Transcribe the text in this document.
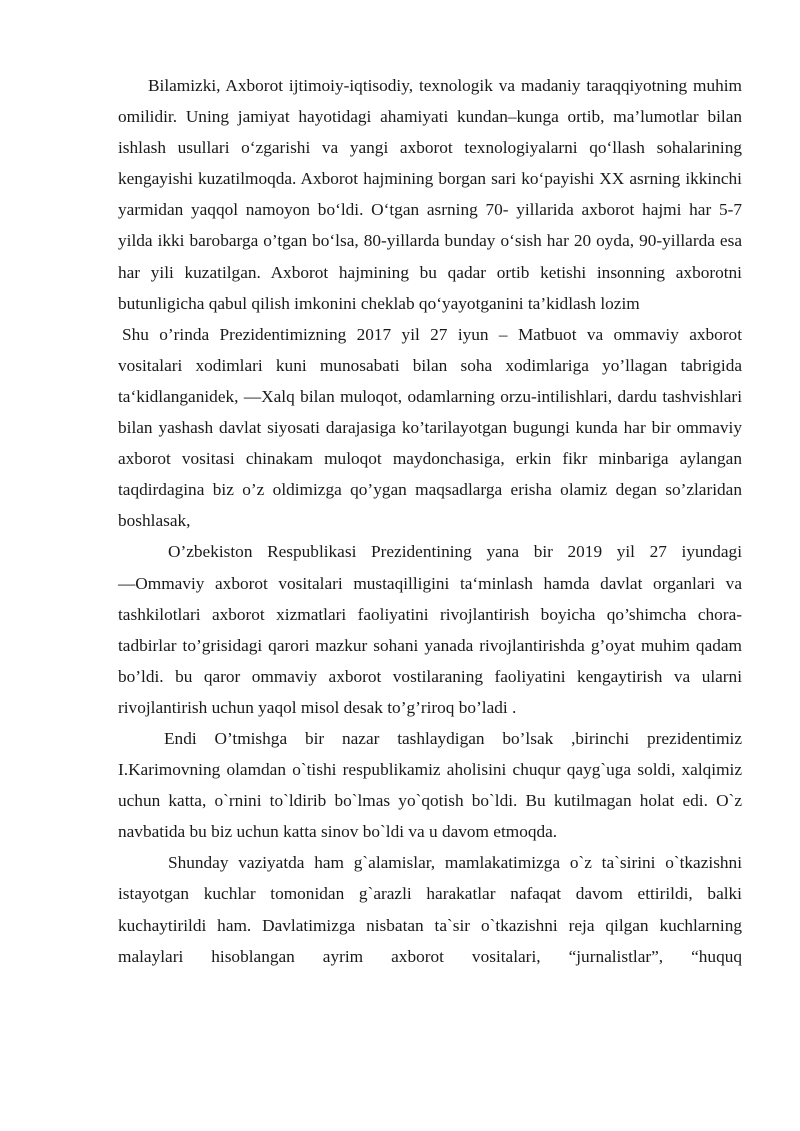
Bilamizki, Axborot ijtimoiy-iqtisodiy, texnologik va madaniy taraqqiyotning muhim omilidir. Uning jamiyat hayotidagi ahamiyati kundan–kunga ortib, ma’lumotlar bilan ishlash usullari o‘zgarishi va yangi axborot texnologiyalarni qo‘llash sohalarining kengayishi kuzatilmoqda. Axborot hajmining borgan sari ko‘payishi XX asrning ikkinchi yarmidan yaqqol namoyon bo‘ldi. O‘tgan asrning 70- yillarida axborot hajmi har 5-7 yilda ikki barobarga o’tgan bo‘lsa, 80-yillarda bunday o‘sish har 20 oyda, 90-yillarda esa har yili kuzatilgan. Axborot hajmining bu qadar ortib ketishi insonning axborotni butunligicha qabul qilish imkonini cheklab qo‘yayotganini ta’kidlash lozim

Shu o’rinda Prezidentimizning 2017 yil 27 iyun – Matbuot va ommaviy axborot vositalari xodimlari kuni munosabati bilan soha xodimlariga yo’llagan tabrigida ta‘kidlanganidek, ―Xalq bilan muloqot, odamlarning orzu-intilishlari, dardu tashvishlari bilan yashash davlat siyosati darajasiga ko’tarilayotgan bugungi kunda har bir ommaviy axborot vositasi chinakam muloqot maydonchasiga, erkin fikr minbariga aylangan taqdirdagina biz o’z oldimizga qo’ygan maqsadlarga erisha olamiz degan so’zlaridan boshlasak,

O’zbekiston Respublikasi Prezidentining yana bir 2019 yil 27 iyundagi ―Ommaviy axborot vositalari mustaqilligini ta‘minlash hamda davlat organlari va tashkilotlari axborot xizmatlari faoliyatini rivojlantirish boyicha qo’shimcha chora-tadbirlar to’grisidagi qarori mazkur sohani yanada rivojlantirishda g’oyat muhim qadam bo’ldi. bu qaror ommaviy axborot vostilaraning faoliyatini kengaytirish va ularni rivojlantirish uchun yaqol misol desak to’g’riroq bo’ladi .

Endi O’tmishga bir nazar tashlaydigan bo’lsak ,birinchi prezidentimiz I.Karimovning olamdan o`tishi respublikamiz aholisini chuqur qayg`uga soldi, xalqimiz uchun katta, o`rnini to`ldirib bo`lmas yo`qotish bo`ldi. Bu kutilmagan holat edi. O`z navbatida bu biz uchun katta sinov bo`ldi va u davom etmoqda.

Shunday vaziyatda ham g`alamislar, mamlakatimizga o`z ta`sirini o`tkazishni istayotgan kuchlar tomonidan g`arazli harakatlar nafaqat davom ettirildi, balki kuchaytirildi ham. Davlatimizga nisbatan ta`sir o`tkazishni reja qilgan kuchlarning malaylari hisoblangan ayrim axborot vositalari, “jurnalistlar”, “huquq
